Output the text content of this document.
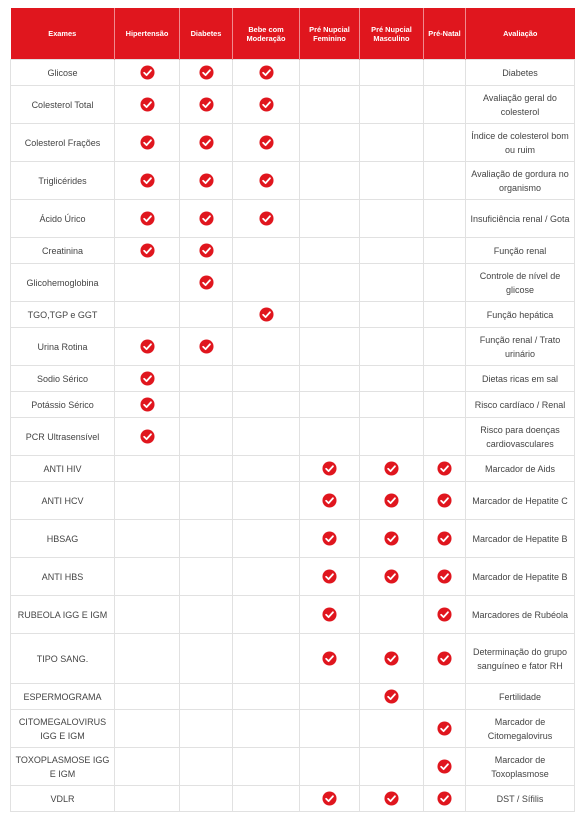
Exames	Hipertensão	Diabetes	Bebe com Moderação	Pré Nupcial Feminino	Pré Nupcial Masculino	Pré-Natal	Avaliação
Glicose							Diabetes
Colesterol Total							Avaliação geral do colesterol
Colesterol Frações							Índice de colesterol bom ou ruim
Triglicérides							Avaliação de gordura no organismo
Ácido Úrico							Insuficiência renal / Gota
Creatinina							Função renal
Glicohemoglobina							Controle de nível de glicose
TGO,TGP e GGT							Função hepática
Urina Rotina							Função renal / Trato urinário
Sodio Sérico							Dietas ricas em sal
Potássio Sérico							Risco cardíaco / Renal
PCR Ultrasensível							Risco para doenças cardiovasculares
ANTI HIV							Marcador de Aids
ANTI HCV							Marcador de Hepatite C
HBSAG							Marcador de Hepatite B
ANTI HBS							Marcador de Hepatite B
RUBEOLA IGG E IGM							Marcadores de Rubéola
TIPO SANG.							Determinação do grupo sanguíneo e fator RH
ESPERMOGRAMA							Fertilidade
CITOMEGALOVIRUS IGG E IGM							Marcador de Citomegalovirus
TOXOPLASMOSE IGG E IGM							Marcador de Toxoplasmose
VDLR							DST / Sífilis
